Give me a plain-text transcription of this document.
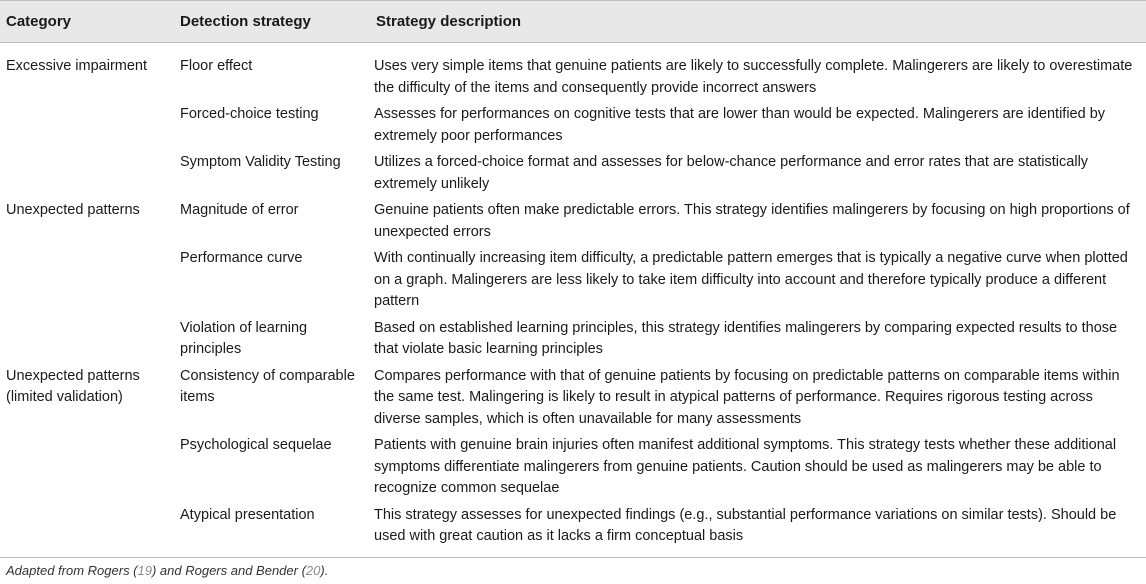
Category	Detection strategy	Strategy description
Excessive impairment	Floor effect	Uses very simple items that genuine patients are likely to successfully complete. Malingerers are likely to overestimate the difficulty of the items and consequently provide incorrect answers
	Forced-choice testing	Assesses for performances on cognitive tests that are lower than would be expected. Malingerers are identified by extremely poor performances
	Symptom Validity Testing	Utilizes a forced-choice format and assesses for below-chance performance and error rates that are statistically extremely unlikely
Unexpected patterns	Magnitude of error	Genuine patients often make predictable errors. This strategy identifies malingerers by focusing on high proportions of unexpected errors
	Performance curve	With continually increasing item difficulty, a predictable pattern emerges that is typically a negative curve when plotted on a graph. Malingerers are less likely to take item difficulty into account and therefore typically produce a different pattern
	Violation of learning principles	Based on established learning principles, this strategy identifies malingerers by comparing expected results to those that violate basic learning principles
Unexpected patterns (limited validation)	Consistency of comparable items	Compares performance with that of genuine patients by focusing on predictable patterns on comparable items within the same test. Malingering is likely to result in atypical patterns of performance. Requires rigorous testing across diverse samples, which is often unavailable for many assessments
	Psychological sequelae	Patients with genuine brain injuries often manifest additional symptoms. This strategy tests whether these additional symptoms differentiate malingerers from genuine patients. Caution should be used as malingerers may be able to recognize common sequelae
	Atypical presentation	This strategy assesses for unexpected findings (e.g., substantial performance variations on similar tests). Should be used with great caution as it lacks a firm conceptual basis
Adapted from Rogers (19) and Rogers and Bender (20).
